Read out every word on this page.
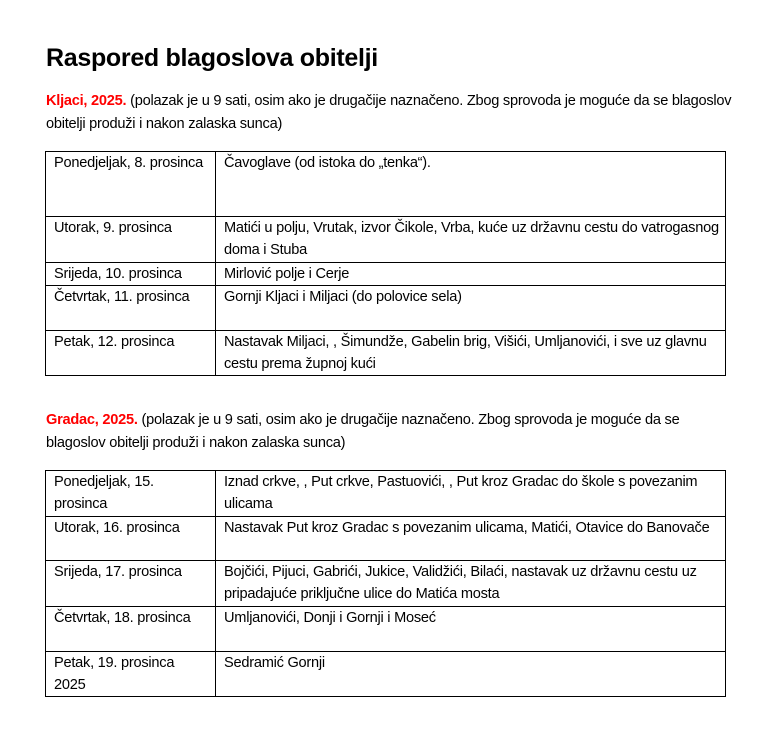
Raspored blagoslova obitelji

Kljaci, 2025. (polazak je u 9 sati, osim ako je drugačije naznačeno. Zbog sprovoda je moguće da se blagoslov obitelji produži i nakon zalaska sunca)

Ponedjeljak, 8. prosinca	Čavoglave (od istoka do „tenka“).
Utorak, 9. prosinca	Matići u polju, Vrutak, izvor Čikole, Vrba, kuće uz državnu cestu do vatrogasnog doma i Stuba
Srijeda, 10. prosinca	Mirlović polje i Cerje
Četvrtak, 11. prosinca	Gornji Kljaci i Miljaci (do polovice sela)
Petak, 12. prosinca	Nastavak Miljaci, , Šimundže, Gabelin brig, Višići, Umljanovići, i sve uz glavnu cestu prema župnoj kući

Gradac, 2025. (polazak je u 9 sati, osim ako je drugačije naznačeno. Zbog sprovoda je moguće da se blagoslov obitelji produži i nakon zalaska sunca)

Ponedjeljak, 15. prosinca	Iznad crkve, , Put crkve, Pastuovići, , Put kroz Gradac do škole s povezanim ulicama
Utorak, 16. prosinca	Nastavak Put kroz Gradac s povezanim ulicama, Matići, Otavice do Banovače
Srijeda, 17. prosinca	Bojčići, Pijuci, Gabrići, Jukice, Validžići, Bilaći, nastavak uz državnu cestu uz pripadajuće priključne ulice do Matića mosta
Četvrtak, 18. prosinca	Umljanovići, Donji i Gornji i Moseć
Petak, 19. prosinca 2025	Sedramić Gornji
